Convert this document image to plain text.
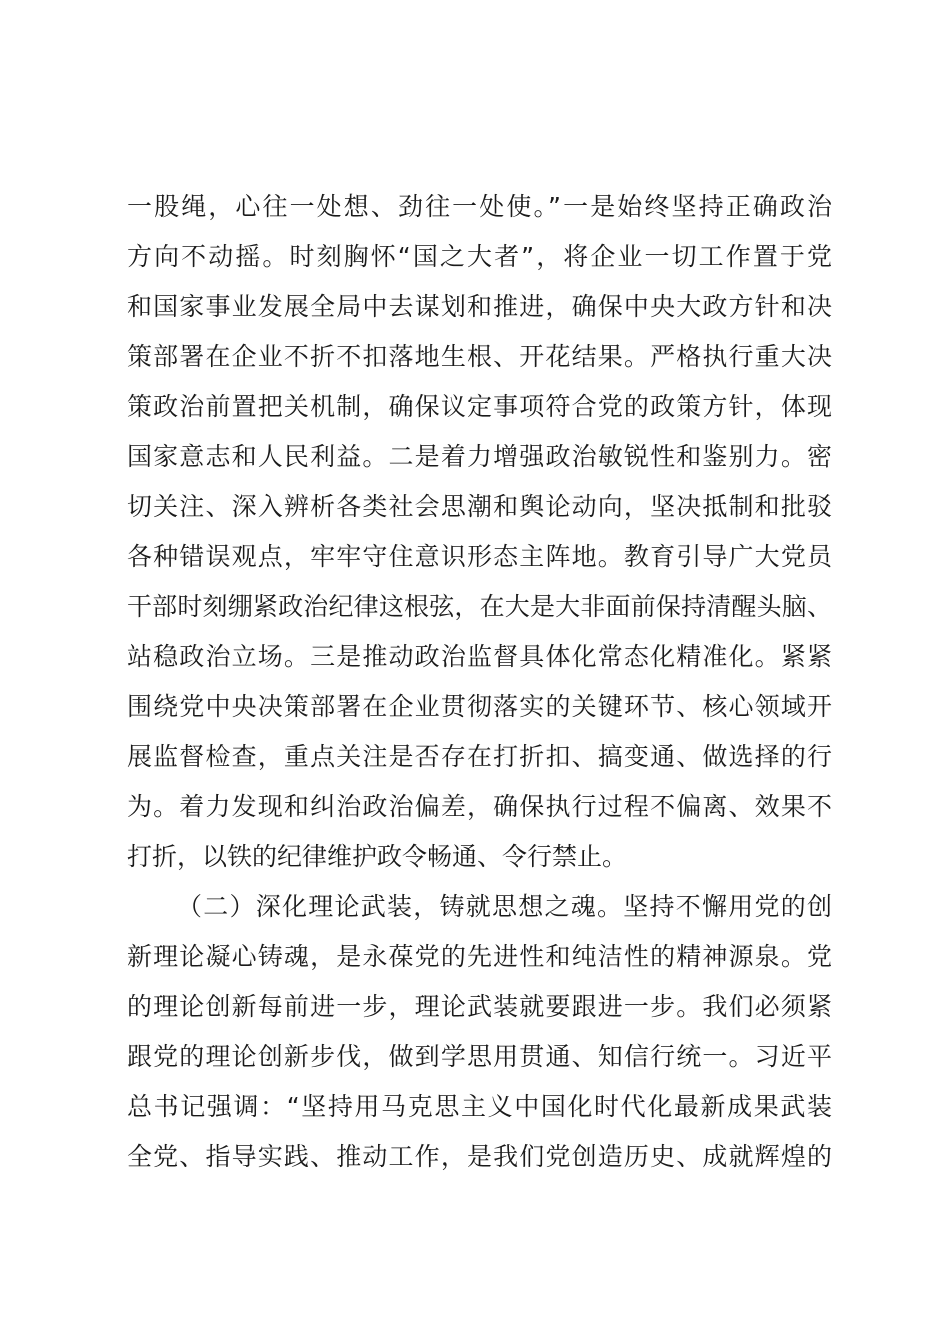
一股绳，心往一处想、劲往一处使。”一是始终坚持正确政治
方向不动摇。时刻胸怀“国之大者”，将企业一切工作置于党
和国家事业发展全局中去谋划和推进，确保中央大政方针和决
策部署在企业不折不扣落地生根、开花结果。严格执行重大决
策政治前置把关机制，确保议定事项符合党的政策方针，体现
国家意志和人民利益。二是着力增强政治敏锐性和鉴别力。密
切关注、深入辨析各类社会思潮和舆论动向，坚决抵制和批驳
各种错误观点，牢牢守住意识形态主阵地。教育引导广大党员
干部时刻绷紧政治纪律这根弦，在大是大非面前保持清醒头脑、
站稳政治立场。三是推动政治监督具体化常态化精准化。紧紧
围绕党中央决策部署在企业贯彻落实的关键环节、核心领域开
展监督检查，重点关注是否存在打折扣、搞变通、做选择的行
为。着力发现和纠治政治偏差，确保执行过程不偏离、效果不
打折，以铁的纪律维护政令畅通、令行禁止。
（二）深化理论武装，铸就思想之魂。坚持不懈用党的创
新理论凝心铸魂，是永葆党的先进性和纯洁性的精神源泉。党
的理论创新每前进一步，理论武装就要跟进一步。我们必须紧
跟党的理论创新步伐，做到学思用贯通、知信行统一。习近平
总书记强调：“坚持用马克思主义中国化时代化最新成果武装
全党、指导实践、推动工作，是我们党创造历史、成就辉煌的
